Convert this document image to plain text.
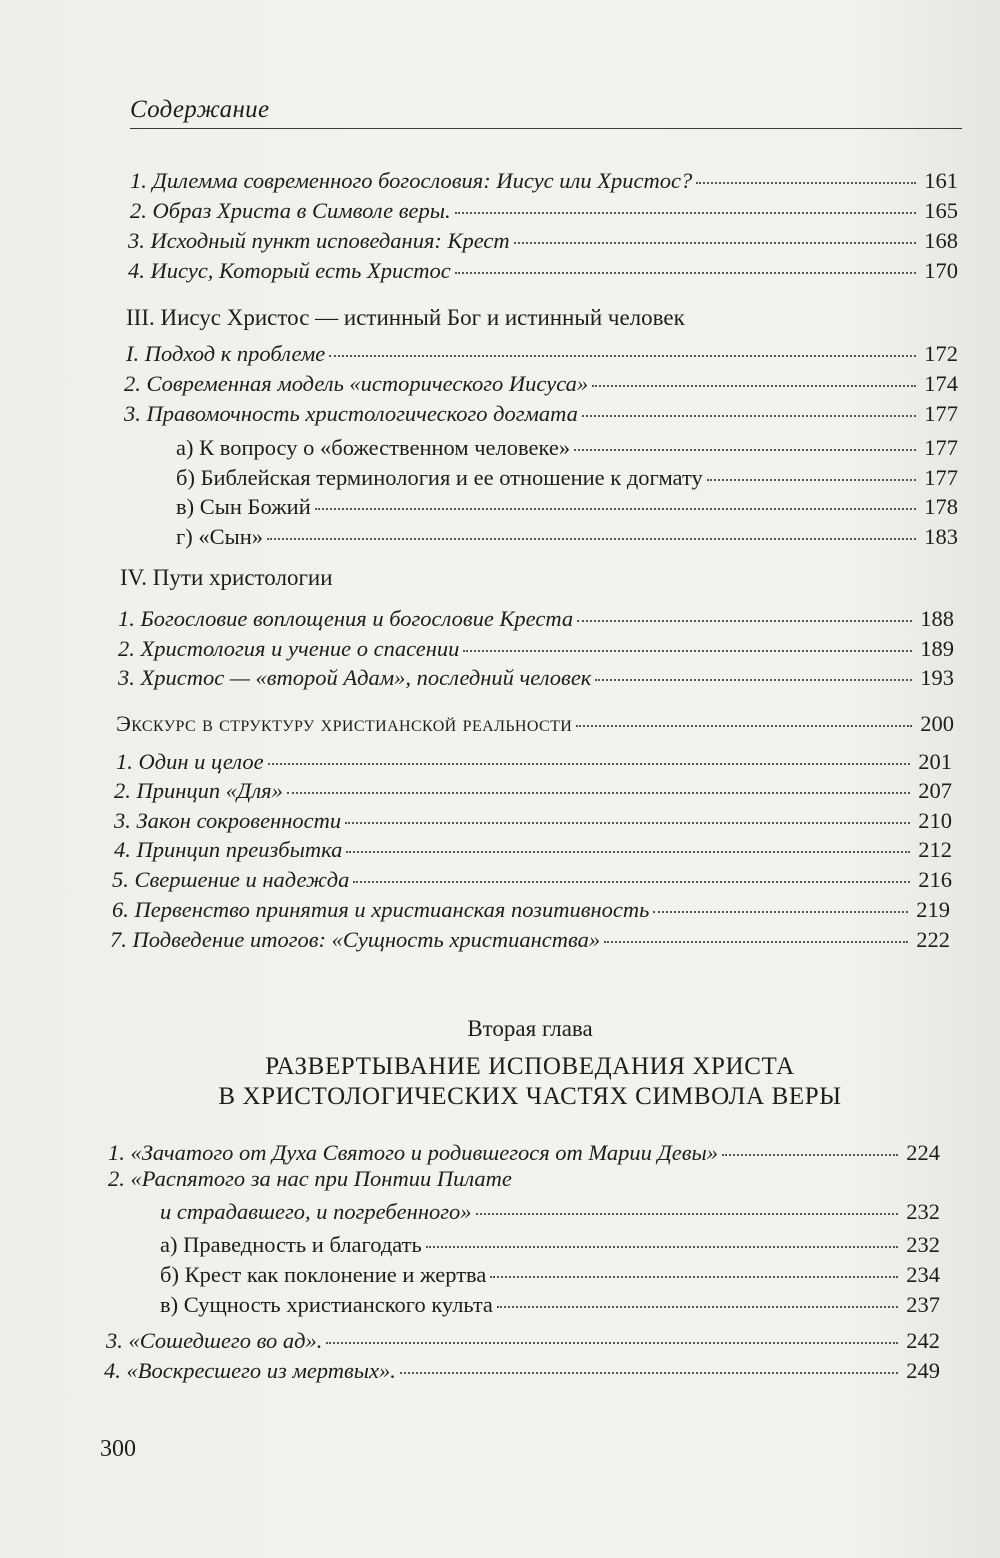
Содержание
1. Дилемма современного богословия: Иисус или Христос?	161
2. Образ Христа в Символе веры.	165
3. Исходный пункт исповедания: Крест	168
4. Иисус, Который есть Христос	170
III. Иисус Христос — истинный Бог и истинный человек
I. Подход к проблеме	172
2. Современная модель «исторического Иисуса»	174
3. Правомочность христологического догмата	177
а) К вопросу о «божественном человеке»	177
б) Библейская терминология и ее отношение к догмату	177
в) Сын Божий	178
г) «Сын»	183
IV. Пути христологии
1. Богословие воплощения и богословие Креста	188
2. Христология и учение о спасении	189
3. Христос — «второй Адам», последний человек	193
Экскурс в структуру христианской реальности	200
1. Один и целое	201
2. Принцип «Для»	207
3. Закон сокровенности	210
4. Принцип преизбытка	212
5. Свершение и надежда	216
6. Первенство принятия и христианская позитивность	219
7. Подведение итогов: «Сущность христианства»	222
Вторая глава
РАЗВЕРТЫВАНИЕ ИСПОВЕДАНИЯ ХРИСТА
В ХРИСТОЛОГИЧЕСКИХ ЧАСТЯХ СИМВОЛА ВЕРЫ
1. «Зачатого от Духа Святого и родившегося от Марии Девы»	224
2. «Распятого за нас при Понтии Пилате
и страдавшего, и погребенного»	232
а) Праведность и благодать	232
б) Крест как поклонение и жертва	234
в) Сущность христианского культа	237
3. «Сошедшего во ад».	242
4. «Воскресшего из мертвых».	249
300
